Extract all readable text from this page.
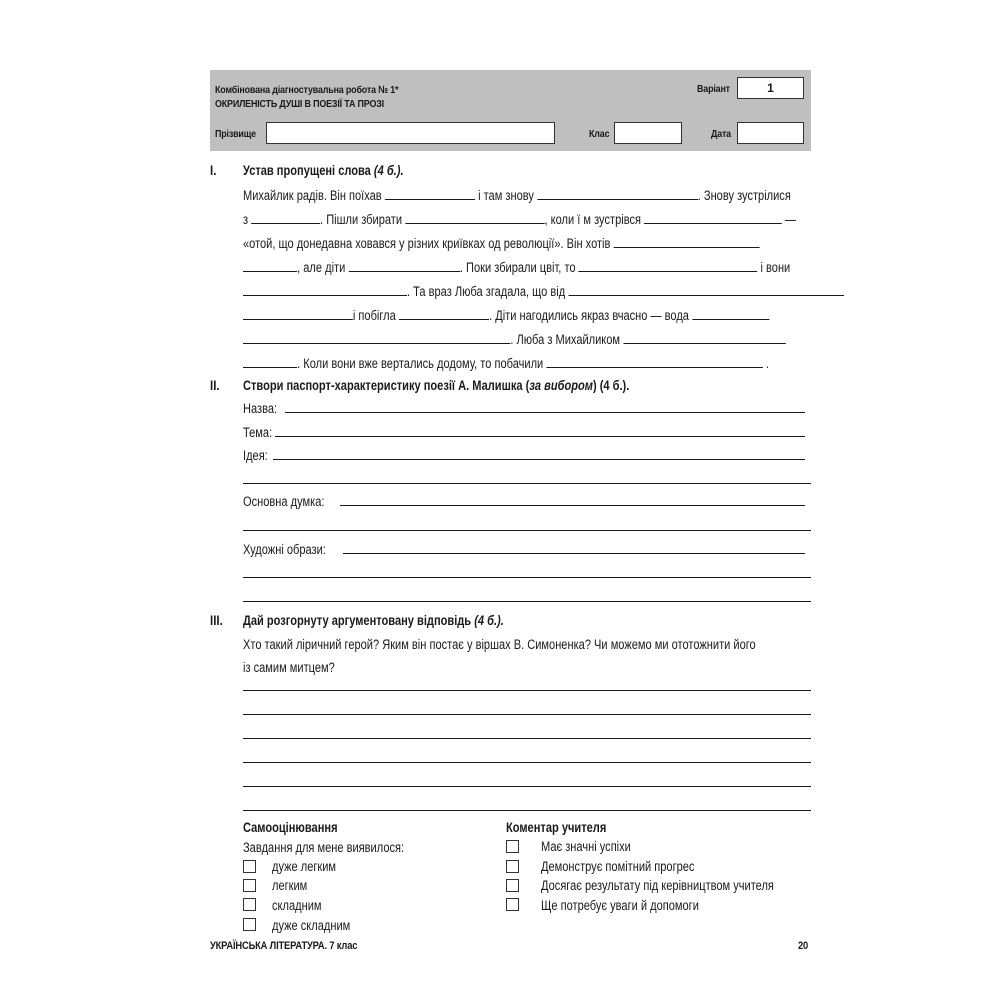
Комбінована діагностувальна робота № 1*
ОКРИЛЕНІСТЬ ДУШІ В ПОЕЗІЇ ТА ПРОЗІ
Варіант	1
Прізвище	Клас	Дата
I. Устав пропущені слова (4 б.).
Михайлик радів. Він поїхав	і там знову	. Знову зустрілися
з	. Пішли збирати	, коли ї м зустрівся	—
«отой, що донедавна ховався у різних криївках од революції». Він хотів
, але діти	. Поки збирали цвіт, то	і вони
. Та враз Люба згадала, що від
і побігла	. Діти нагодились якраз вчасно — вода
. Люба з Михайликом
. Коли вони вже вертались додому, то побачили	.
II. Створи паспорт-характеристику поезії А. Малишка (за вибором) (4 б.).
Назва:
Тема:
Ідея:
Основна думка:
Художні образи:
III. Дай розгорнуту аргументовану відповідь (4 б.).
Хто такий ліричний герой? Яким він постає у віршах В. Симоненка? Чи можемо ми ототожнити його
із самим митцем?
Самооцінювання
Завдання для мене виявилося:
дуже легким
легким
складним
дуже складним
Коментар учителя
Має значні успіхи
Демонструє помітний прогрес
Досягає результату під керівництвом учителя
Ще потребує уваги й допомоги
УКРАЇНСЬКА ЛІТЕРАТУРА. 7 клас	20
